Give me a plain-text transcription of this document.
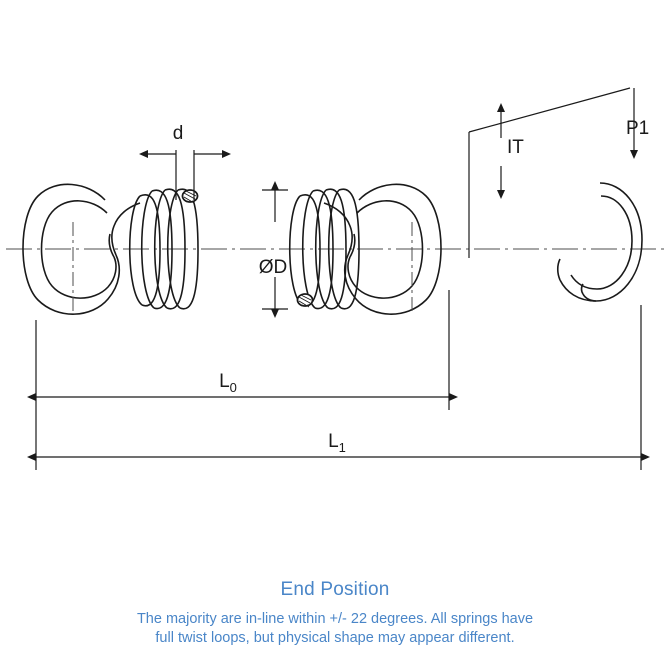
d
ØD
IT
P1
$L_0$
$L_1$
End Position
The majority are in-line within +/- 22 degrees. All springs have
full twist loops, but physical shape may appear different.
